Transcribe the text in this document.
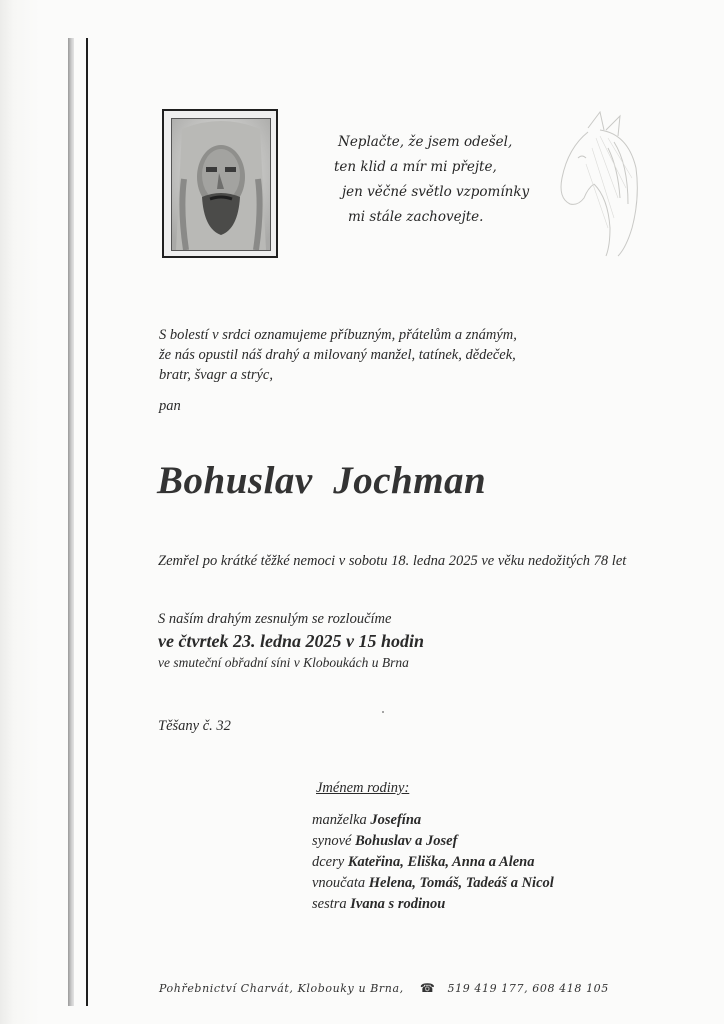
Neplačte, že jsem odešel,
ten klid a mír mi přejte,
jen věčné světlo vzpomínky
mi stále zachovejte.
S bolestí v srdci oznamujeme příbuzným, přátelům a známým,
že nás opustil náš drahý a milovaný manžel, tatínek, dědeček,
bratr, švagr a strýc,
pan
Bohuslav Jochman
Zemřel po krátké těžké nemoci v sobotu 18. ledna 2025 ve věku nedožitých 78 let
S naším drahým zesnulým se rozloučíme
ve čtvrtek 23. ledna 2025 v 15 hodin
ve smuteční obřadní síni v Kloboukách u Brna
Těšany č. 32
Jménem rodiny:
manželka Josefína
synové Bohuslav a Josef
dcery Kateřina, Eliška, Anna a Alena
vnoučata Helena, Tomáš, Tadeáš a Nicol
sestra Ivana s rodinou
Pohřebnictví Charvát, Klobouky u Brna, ☎ 519 419 177, 608 418 105
